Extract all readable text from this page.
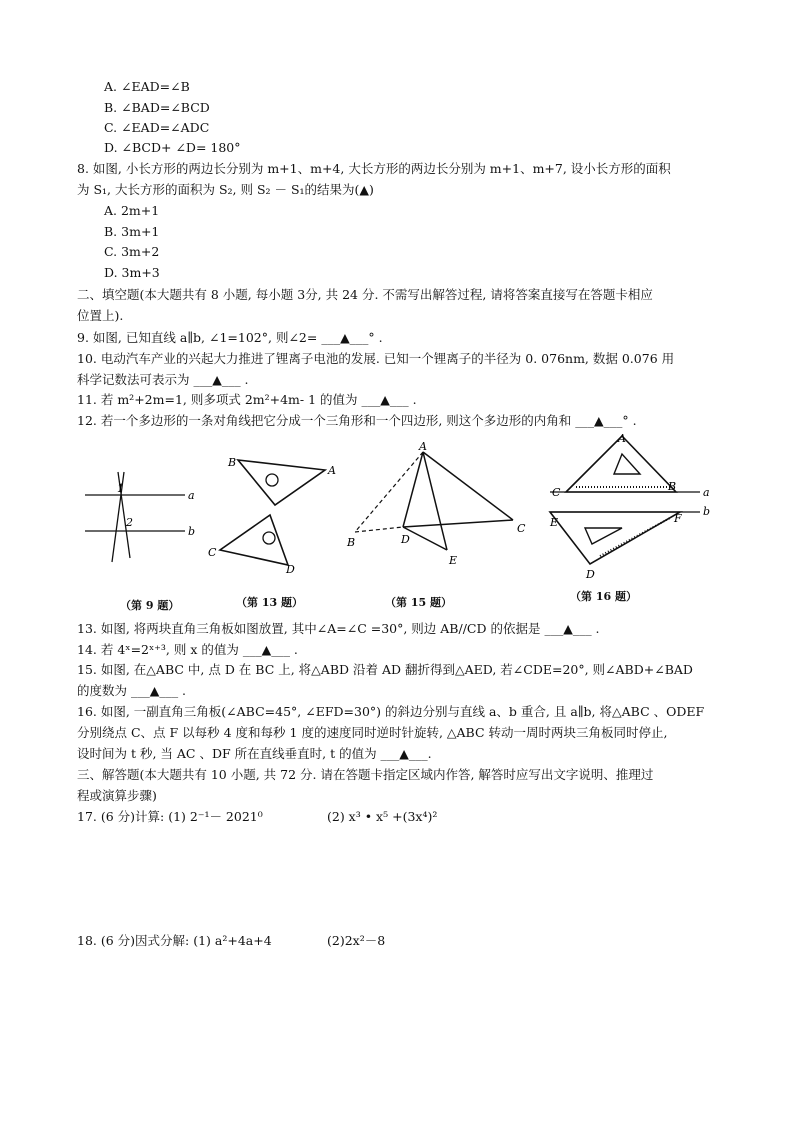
A. ∠EAD=∠B
B. ∠BAD=∠BCD
C. ∠EAD=∠ADC
D. ∠BCD+ ∠D= 180°
8. 如图, 小长方形的两边长分别为 m+1、m+4, 大长方形的两边长分别为 m+1、m+7, 设小长方形的面积
为 S₁, 大长方形的面积为 S₂, 则 S₂ － S₁的结果为(▲)
A. 2m+1
B. 3m+1
C. 3m+2
D. 3m+3
二、填空题(本大题共有 8 小题, 每小题 3分, 共 24 分. 不需写出解答过程, 请将答案直接写在答题卡相应
位置上).
9. 如图, 已知直线 a∥b, ∠1=102°, 则∠2= ___▲___° .
10. 电动汽车产业的兴起大力推进了锂离子电池的发展. 已知一个锂离子的半径为 0. 076nm, 数据 0.076 用
科学记数法可表示为 ___▲___ .
11. 若 m²+2m=1, 则多项式 2m²+4m- 1 的值为 ___▲___ .
12. 若一个多边形的一条对角线把它分成一个三角形和一个四边形, 则这个多边形的内角和 ___▲___° .
1
2
a
b
（第 9 题）
B
A
C
D
（第 13 题）
A
B	D
C
E
（第 15 题）
A
C	B a
E	F
b
D
（第 16 题）
13. 如图, 将两块直角三角板如图放置, 其中∠A=∠C =30°, 则边 AB//CD 的依据是 ___▲___ .
14. 若 4ˣ=2ˣ⁺³, 则 x 的值为 ___▲___ .
15. 如图, 在△ABC 中, 点 D 在 BC 上, 将△ABD 沿着 AD 翻折得到△AED, 若∠CDE=20°, 则∠ABD+∠BAD
的度数为 ___▲___ .
16. 如图, 一副直角三角板(∠ABC=45°, ∠EFD=30°) 的斜边分别与直线 a、b 重合, 且 a∥b, 将△ABC 、ODEF
分别绕点 C、点 F 以每秒 4 度和每秒 1 度的速度同时逆时针旋转, △ABC 转动一周时两块三角板同时停止,
设时间为 t 秒, 当 AC 、DF 所在直线垂直时, t 的值为 ___▲___.
三、解答题(本大题共有 10 小题, 共 72 分. 请在答题卡指定区域内作答, 解答时应写出文字说明、推理过
程或演算步骤)
17. (6 分)计算: (1) 2⁻¹－ 2021⁰	(2) x³ • x⁵ +(3x⁴)²
18. (6 分)因式分解: (1) a²+4a+4	(2)2x²－8
